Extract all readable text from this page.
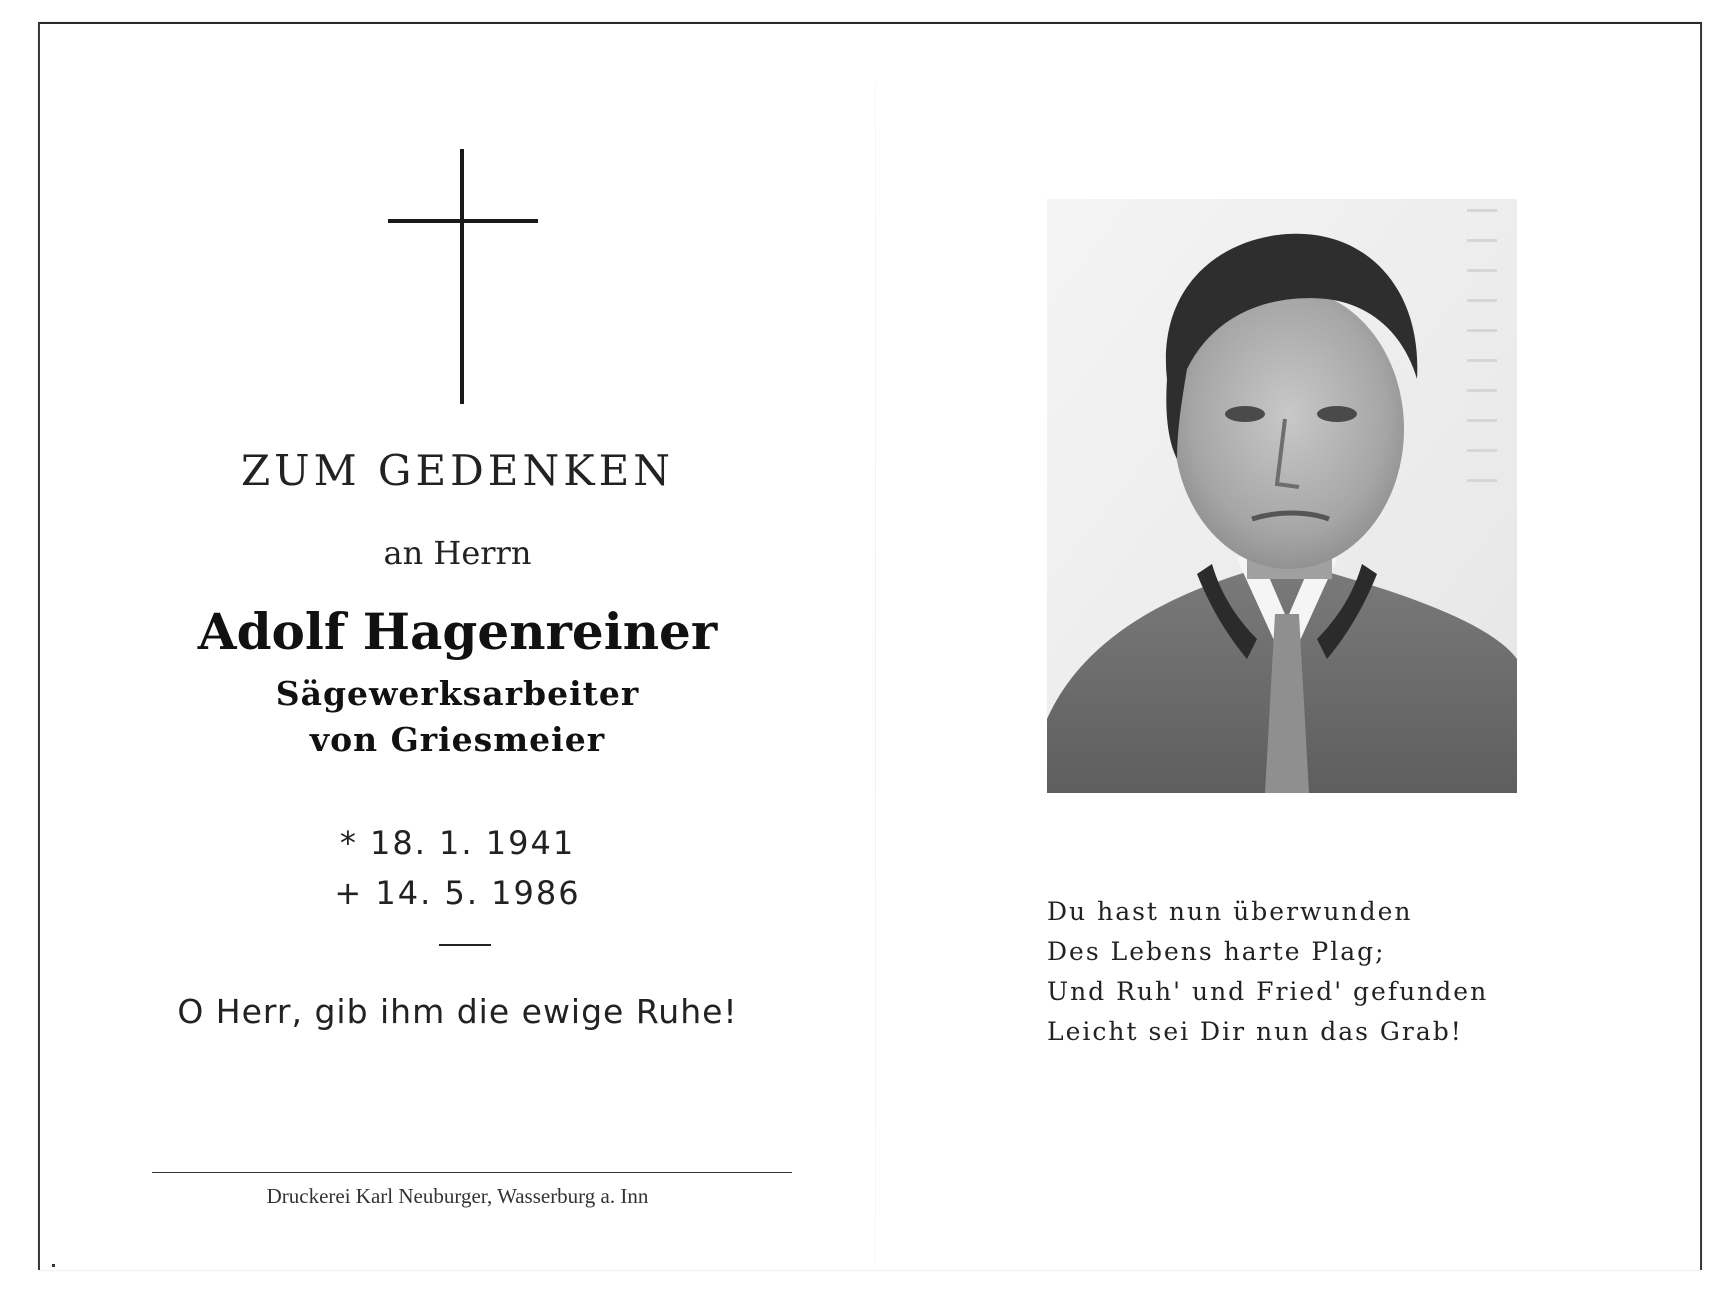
ZUM GEDENKEN
an Herrn
Adolf Hagenreiner
Sägewerksarbeiter
von Griesmeier
* 18. 1. 1941
+ 14. 5. 1986
O Herr, gib ihm die ewige Ruhe!
Druckerei Karl Neuburger, Wasserburg a. Inn
Du hast nun überwunden
Des Lebens harte Plag;
Und Ruh' und Fried' gefunden
Leicht sei Dir nun das Grab!
